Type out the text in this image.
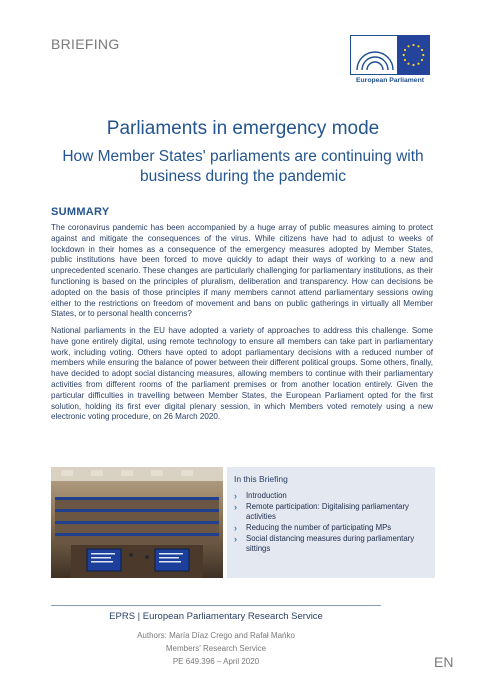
BRIEFING
European Parliament
Parliaments in emergency mode
How Member States' parliaments are continuing with business during the pandemic
SUMMARY

The coronavirus pandemic has been accompanied by a huge array of public measures aiming to protect against and mitigate the consequences of the virus. While citizens have had to adjust to weeks of lockdown in their homes as a consequence of the emergency measures adopted by Member States, public institutions have been forced to move quickly to adapt their ways of working to a new and unprecedented scenario. These changes are particularly challenging for parliamentary institutions, as their functioning is based on the principles of pluralism, deliberation and transparency. How can decisions be adopted on the basis of those principles if many members cannot attend parliamentary sessions owing either to the restrictions on freedom of movement and bans on public gatherings in virtually all Member States, or to personal health concerns?

National parliaments in the EU have adopted a variety of approaches to address this challenge. Some have gone entirely digital, using remote technology to ensure all members can take part in parliamentary work, including voting. Others have opted to adopt parliamentary decisions with a reduced number of members while ensuring the balance of power between their different political groups. Some others, finally, have decided to adopt social distancing measures, allowing members to continue with their parliamentary activities from different rooms of the parliament premises or from another location entirely. Given the particular difficulties in travelling between Member States, the European Parliament opted for the first solution, holding its first ever digital plenary session, in which Members voted remotely using a new electronic voting procedure, on 26 March 2020.

In this Briefing
› Introduction
› Remote participation: Digitalising parliamentary activities
› Reducing the number of participating MPs
› Social distancing measures during parliamentary sittings
EPRS | European Parliamentary Research Service
Authors: María Díaz Crego and Rafał Mańko
Members' Research Service
PE 649.396 – April 2020	EN
